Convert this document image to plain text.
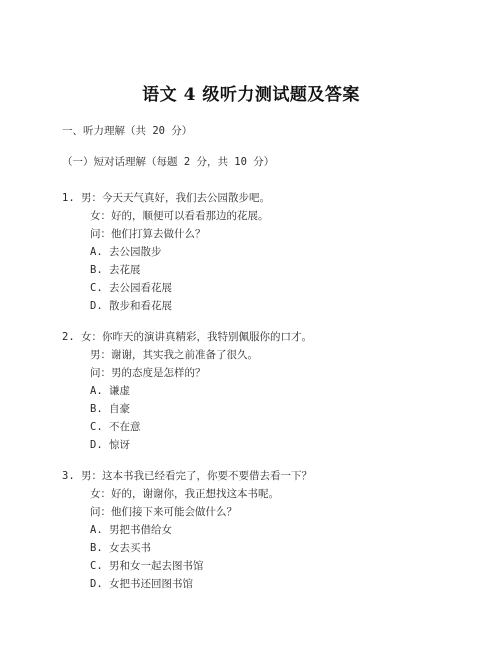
语文 4 级听力测试题及答案
一、听力理解（共 20 分）
（一）短对话理解（每题 2 分，共 10 分）
1. 男：今天天气真好，我们去公园散步吧。
女：好的，顺便可以看看那边的花展。
问：他们打算去做什么？
A. 去公园散步
B. 去花展
C. 去公园看花展
D. 散步和看花展
2. 女：你昨天的演讲真精彩，我特别佩服你的口才。
男：谢谢，其实我之前准备了很久。
问：男的态度是怎样的？
A. 谦虚
B. 自豪
C. 不在意
D. 惊讶
3. 男：这本书我已经看完了，你要不要借去看一下？
女：好的，谢谢你，我正想找这本书呢。
问：他们接下来可能会做什么？
A. 男把书借给女
B. 女去买书
C. 男和女一起去图书馆
D. 女把书还回图书馆
